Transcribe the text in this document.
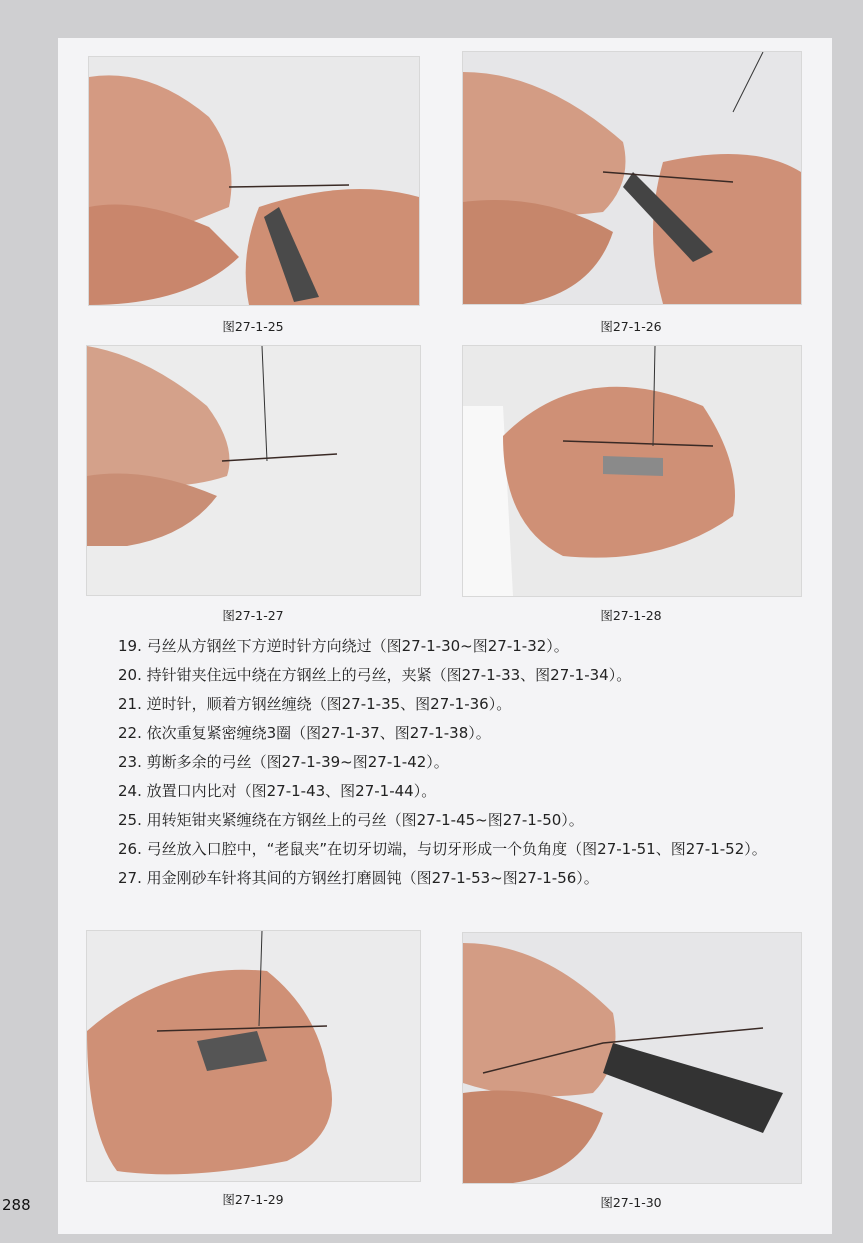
图27-1-25	图27-1-26
图27-1-27	图27-1-28

19. 弓丝从方钢丝下方逆时针方向绕过（图27-1-30~图27-1-32）。

20. 持针钳夹住远中绕在方钢丝上的弓丝，夹紧（图27-1-33、图27-1-34）。

21. 逆时针，顺着方钢丝缠绕（图27-1-35、图27-1-36）。

22. 依次重复紧密缠绕3圈（图27-1-37、图27-1-38）。

23. 剪断多余的弓丝（图27-1-39~图27-1-42）。

24. 放置口内比对（图27-1-43、图27-1-44）。

25. 用转矩钳夹紧缠绕在方钢丝上的弓丝（图27-1-45~图27-1-50）。

26. 弓丝放入口腔中，“老鼠夹”在切牙切端，与切牙形成一个负角度（图27-1-51、图27-1-52）。

27. 用金刚砂车针将其间的方钢丝打磨圆钝（图27-1-53~图27-1-56）。

图27-1-29	图27-1-30
288
